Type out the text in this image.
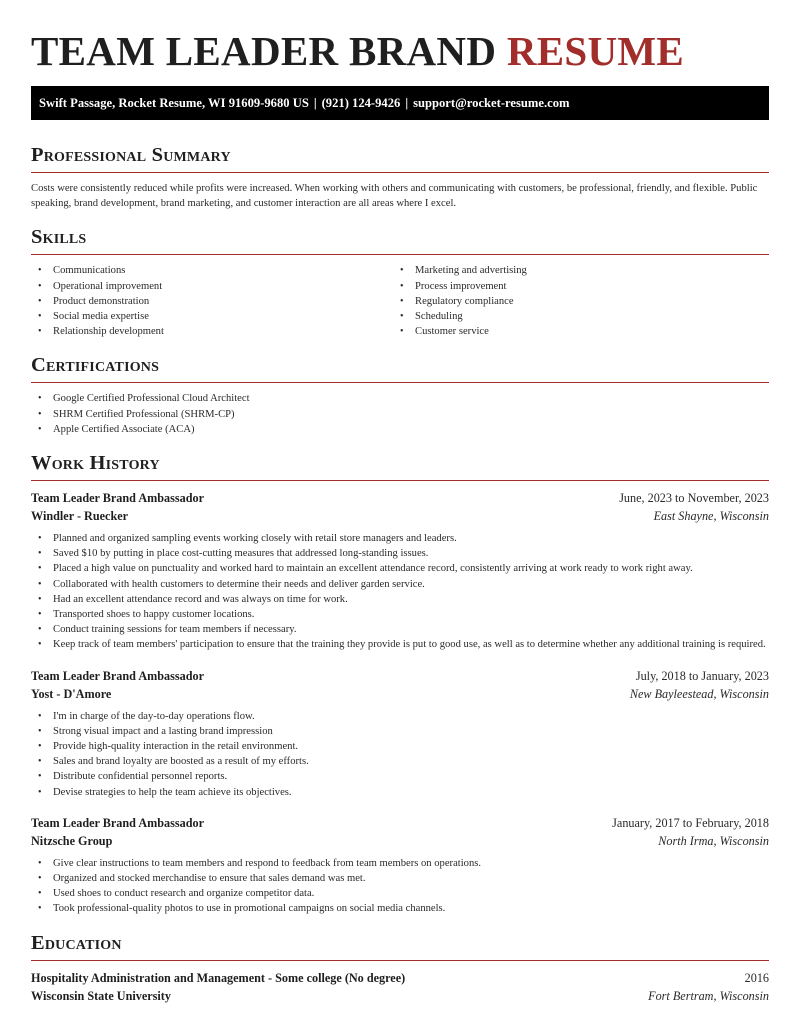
TEAM LEADER BRAND RESUME
Swift Passage, Rocket Resume, WI 91609-9680 US | (921) 124-9426 | support@rocket-resume.com
Professional Summary

Costs were consistently reduced while profits were increased. When working with others and communicating with customers, be professional, friendly, and flexible. Public speaking, brand development, brand marketing, and customer interaction are all areas where I excel.

Skills
• Communications
• Operational improvement
• Product demonstration
• Social media expertise
• Relationship development
• Marketing and advertising
• Process improvement
• Regulatory compliance
• Scheduling
• Customer service
Certifications
• Google Certified Professional Cloud Architect
• SHRM Certified Professional (SHRM-CP)
• Apple Certified Associate (ACA)
Work History
Team Leader Brand Ambassador	June, 2023 to November, 2023
Windler - Ruecker	East Shayne, Wisconsin
• Planned and organized sampling events working closely with retail store managers and leaders.
• Saved $10 by putting in place cost-cutting measures that addressed long-standing issues.
• Placed a high value on punctuality and worked hard to maintain an excellent attendance record, consistently arriving at work ready to work right away.
• Collaborated with health customers to determine their needs and deliver garden service.
• Had an excellent attendance record and was always on time for work.
• Transported shoes to happy customer locations.
• Conduct training sessions for team members if necessary.
• Keep track of team members' participation to ensure that the training they provide is put to good use, as well as to determine whether any additional training is required.
Team Leader Brand Ambassador	July, 2018 to January, 2023
Yost - D'Amore	New Bayleestead, Wisconsin
• I'm in charge of the day-to-day operations flow.
• Strong visual impact and a lasting brand impression
• Provide high-quality interaction in the retail environment.
• Sales and brand loyalty are boosted as a result of my efforts.
• Distribute confidential personnel reports.
• Devise strategies to help the team achieve its objectives.
Team Leader Brand Ambassador	January, 2017 to February, 2018
Nitzsche Group	North Irma, Wisconsin
• Give clear instructions to team members and respond to feedback from team members on operations.
• Organized and stocked merchandise to ensure that sales demand was met.
• Used shoes to conduct research and organize competitor data.
• Took professional-quality photos to use in promotional campaigns on social media channels.
Education
Hospitality Administration and Management - Some college (No degree)	2016
Wisconsin State University	Fort Bertram, Wisconsin
